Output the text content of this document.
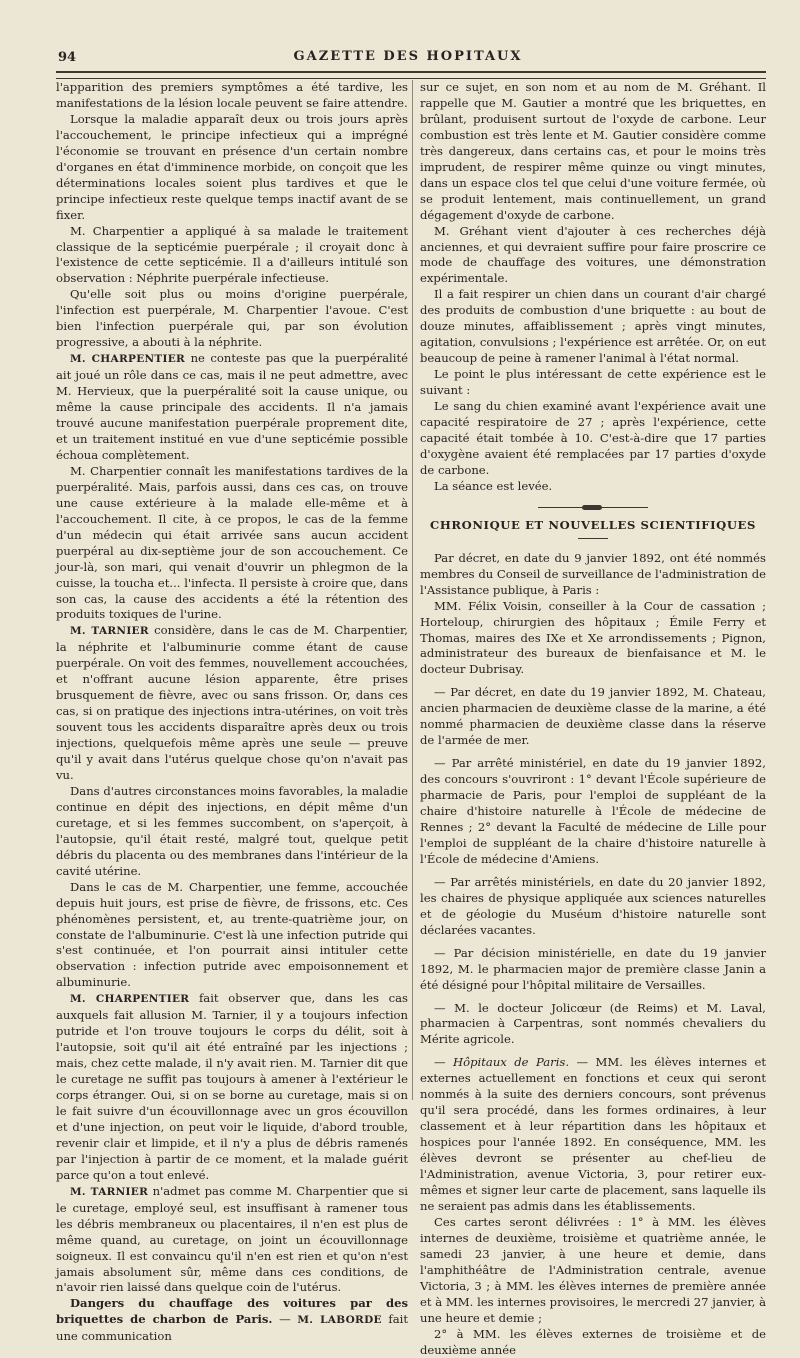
94	GAZETTE DES HOPITAUX

l'apparition des premiers symptômes a été tardive, les manifestations de la lésion locale peuvent se faire attendre.

Lorsque la maladie apparaît deux ou trois jours après l'accouchement, le principe infectieux qui a imprégné l'économie se trouvant en présence d'un certain nombre d'organes en état d'imminence morbide, on conçoit que les déterminations locales soient plus tardives et que le principe infectieux reste quelque temps inactif avant de se fixer.

M. Charpentier a appliqué à sa malade le traitement classique de la septicémie puerpérale ; il croyait donc à l'existence de cette septicémie. Il a d'ailleurs intitulé son observation : Néphrite puerpérale infectieuse.

Qu'elle soit plus ou moins d'origine puerpérale, l'infection est puerpérale, M. Charpentier l'avoue. C'est bien l'infection puerpérale qui, par son évolution progressive, a abouti à la néphrite.

M. CHARPENTIER ne conteste pas que la puerpéralité ait joué un rôle dans ce cas, mais il ne peut admettre, avec M. Hervieux, que la puerpéralité soit la cause unique, ou même la cause principale des accidents. Il n'a jamais trouvé aucune manifestation puerpérale proprement dite, et un traitement institué en vue d'une septicémie possible échoua complètement.

M. Charpentier connaît les manifestations tardives de la puerpéralité. Mais, parfois aussi, dans ces cas, on trouve une cause extérieure à la malade elle-même et à l'accouchement. Il cite, à ce propos, le cas de la femme d'un médecin qui était arrivée sans aucun accident puerpéral au dix-septième jour de son accouchement. Ce jour-là, son mari, qui venait d'ouvrir un phlegmon de la cuisse, la toucha et... l'infecta. Il persiste à croire que, dans son cas, la cause des accidents a été la rétention des produits toxiques de l'urine.

M. TARNIER considère, dans le cas de M. Charpentier, la néphrite et l'albuminurie comme étant de cause puerpérale. On voit des femmes, nouvellement accouchées, et n'offrant aucune lésion apparente, être prises brusquement de fièvre, avec ou sans frisson. Or, dans ces cas, si on pratique des injections intra-utérines, on voit très souvent tous les accidents disparaître après deux ou trois injections, quelquefois même après une seule — preuve qu'il y avait dans l'utérus quelque chose qu'on n'avait pas vu.

Dans d'autres circonstances moins favorables, la maladie continue en dépit des injections, en dépit même d'un curetage, et si les femmes succombent, on s'aperçoit, à l'autopsie, qu'il était resté, malgré tout, quelque petit débris du placenta ou des membranes dans l'intérieur de la cavité utérine.

Dans le cas de M. Charpentier, une femme, accouchée depuis huit jours, est prise de fièvre, de frissons, etc. Ces phénomènes persistent, et, au trente-quatrième jour, on constate de l'albuminurie. C'est là une infection putride qui s'est continuée, et l'on pourrait ainsi intituler cette observation : infection putride avec empoisonnement et albuminurie.

M. CHARPENTIER fait observer que, dans les cas auxquels fait allusion M. Tarnier, il y a toujours infection putride et l'on trouve toujours le corps du délit, soit à l'autopsie, soit qu'il ait été entraîné par les injections ; mais, chez cette malade, il n'y avait rien. M. Tarnier dit que le curetage ne suffit pas toujours à amener à l'extérieur le corps étranger. Oui, si on se borne au curetage, mais si on le fait suivre d'un écouvillonnage avec un gros écouvillon et d'une injection, on peut voir le liquide, d'abord trouble, revenir clair et limpide, et il n'y a plus de débris ramenés par l'injection à partir de ce moment, et la malade guérit parce qu'on a tout enlevé.

M. TARNIER n'admet pas comme M. Charpentier que si le curetage, employé seul, est insuffisant à ramener tous les débris membraneux ou placentaires, il n'en est plus de même quand, au curetage, on joint un écouvillonnage soigneux. Il est convaincu qu'il n'en est rien et qu'on n'est jamais absolument sûr, même dans ces conditions, de n'avoir rien laissé dans quelque coin de l'utérus.

Dangers du chauffage des voitures par des briquettes de charbon de Paris. — M. LABORDE fait une communication

sur ce sujet, en son nom et au nom de M. Gréhant. Il rappelle que M. Gautier a montré que les briquettes, en brûlant, produisent surtout de l'oxyde de carbone. Leur combustion est très lente et M. Gautier considère comme très dangereux, dans certains cas, et pour le moins très imprudent, de respirer même quinze ou vingt minutes, dans un espace clos tel que celui d'une voiture fermée, où se produit lentement, mais continuellement, un grand dégagement d'oxyde de carbone.

M. Gréhant vient d'ajouter à ces recherches déjà anciennes, et qui devraient suffire pour faire proscrire ce mode de chauffage des voitures, une démonstration expérimentale.

Il a fait respirer un chien dans un courant d'air chargé des produits de combustion d'une briquette : au bout de douze minutes, affaiblissement ; après vingt minutes, agitation, convulsions ; l'expérience est arrêtée. Or, on eut beaucoup de peine à ramener l'animal à l'état normal.

Le point le plus intéressant de cette expérience est le suivant :

Le sang du chien examiné avant l'expérience avait une capacité respiratoire de 27 ; après l'expérience, cette capacité était tombée à 10. C'est-à-dire que 17 parties d'oxygène avaient été remplacées par 17 parties d'oxyde de carbone.

La séance est levée.

CHRONIQUE ET NOUVELLES SCIENTIFIQUES

Par décret, en date du 9 janvier 1892, ont été nommés membres du Conseil de surveillance de l'administration de l'Assistance publique, à Paris :

MM. Félix Voisin, conseiller à la Cour de cassation ; Horteloup, chirurgien des hôpitaux ; Émile Ferry et Thomas, maires des IXe et Xe arrondissements ; Pignon, administrateur des bureaux de bienfaisance et M. le docteur Dubrisay.

— Par décret, en date du 19 janvier 1892, M. Chateau, ancien pharmacien de deuxième classe de la marine, a été nommé pharmacien de deuxième classe dans la réserve de l'armée de mer.

— Par arrêté ministériel, en date du 19 janvier 1892, des concours s'ouvriront : 1° devant l'École supérieure de pharmacie de Paris, pour l'emploi de suppléant de la chaire d'histoire naturelle à l'École de médecine de Rennes ; 2° devant la Faculté de médecine de Lille pour l'emploi de suppléant de la chaire d'histoire naturelle à l'École de médecine d'Amiens.

— Par arrêtés ministériels, en date du 20 janvier 1892, les chaires de physique appliquée aux sciences naturelles et de géologie du Muséum d'histoire naturelle sont déclarées vacantes.

— Par décision ministérielle, en date du 19 janvier 1892, M. le pharmacien major de première classe Janin a été désigné pour l'hôpital militaire de Versailles.

— M. le docteur Jolicœur (de Reims) et M. Laval, pharmacien à Carpentras, sont nommés chevaliers du Mérite agricole.

— Hôpitaux de Paris. — MM. les élèves internes et externes actuellement en fonctions et ceux qui seront nommés à la suite des derniers concours, sont prévenus qu'il sera procédé, dans les formes ordinaires, à leur classement et à leur répartition dans les hôpitaux et hospices pour l'année 1892. En conséquence, MM. les élèves devront se présenter au chef-lieu de l'Administration, avenue Victoria, 3, pour retirer eux-mêmes et signer leur carte de placement, sans laquelle ils ne seraient pas admis dans les établissements.

Ces cartes seront délivrées : 1° à MM. les élèves internes de deuxième, troisième et quatrième année, le samedi 23 janvier, à une heure et demie, dans l'amphithéâtre de l'Administration centrale, avenue Victoria, 3 ; à MM. les élèves internes de première année et à MM. les internes provisoires, le mercredi 27 janvier, à une heure et demie ;

2° à MM. les élèves externes de troisième et de deuxième année
